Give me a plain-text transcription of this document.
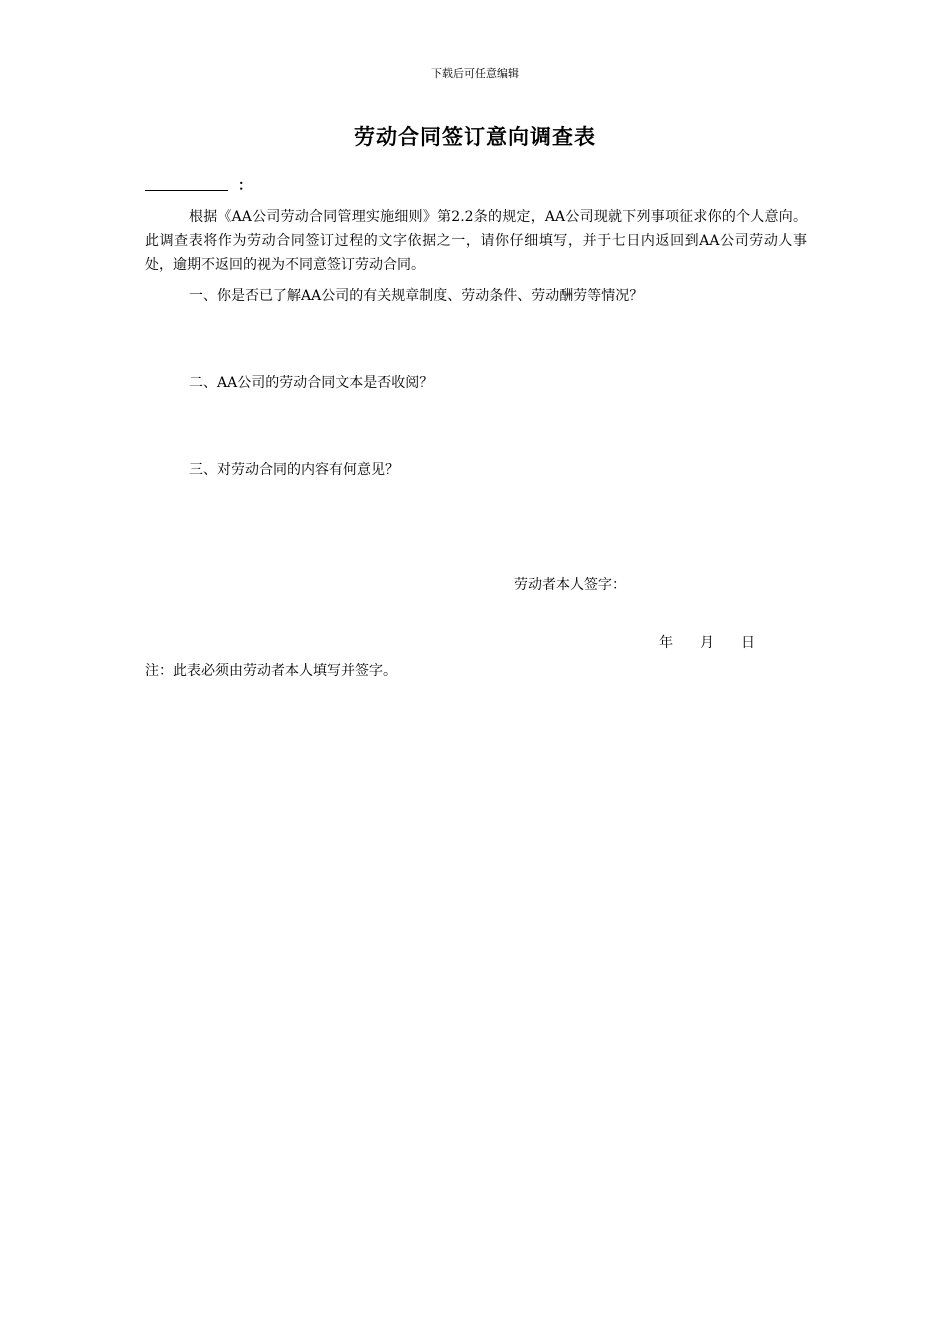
下载后可任意编辑
劳动合同签订意向调查表
：
根据《AA公司劳动合同管理实施细则》第2.2条的规定，AA公司现就下列事项征求你的个人意向。此调查表将作为劳动合同签订过程的文字依据之一，请你仔细填写，并于七日内返回到AA公司劳动人事处，逾期不返回的视为不同意签订劳动合同。
一、你是否已了解AA公司的有关规章制度、劳动条件、劳动酬劳等情况？
二、AA公司的劳动合同文本是否收阅？
三、对劳动合同的内容有何意见？
劳动者本人签字：
年 月 日
注：此表必须由劳动者本人填写并签字。
